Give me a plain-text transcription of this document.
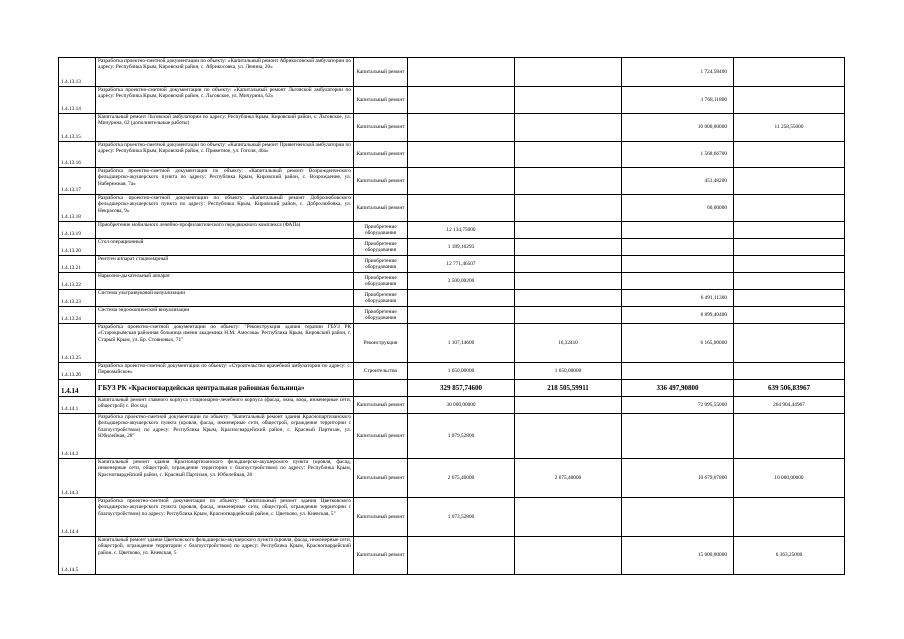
1.4.13.13	Разработка проектно-сметной документации по объекту: «Капитальный ремонт Абрикосовской амбулатории по адресу: Республика Крым, Кировский район, с. Абрикосовка, ул. Ленина, 20»	Капитальный ремонт			1 724,58400	
1.4.13.14	Разработка проектно-сметной документации по объекту: «Капитальный ремонт Льговской амбулатории по адресу: Республика Крым, Кировский район, с. Льговское, ул. Мичурина, 62»	Капитальный ремонт			1 768,11800	
1.4.13.15	Капитальный ремонт Льговской амбулатории по адресу: Республика Крым, Кировский район, с. Льговское, ул. Мичурина, 62 (дополнительные работы)	Капитальный ремонт			10 000,00000	11 258,55000
1.4.13.16	Разработка проектно-сметной документации по объекту: «Капитальный ремонт Приветненской амбулатории по адресу: Республика Крым, Кировский район, с. Приветное, ул. Гоголя, 40а»	Капитальный ремонт			1 568,66700	
1.4.13.17	Разработка проектно-сметной документации по объекту: «Капитальный ремонт Возрожденческого фельдшерско-акушерского пункта по адресу: Республика Крым, Кировский район, с. Возрождение, ул. Набережная, 7а»	Капитальный ремонт			451,48200	
1.4.13.18	Разработка проектно-сметной документации по объекту: «Капитальный ремонт Добролюбовского фельдшерско-акушерского пункта по адресу: Республика Крым, Кировский район, с. Добролюбовка, ул. Некрасова, 9»	Капитальный ремонт			60,00000	
1.4.13.19	Приобретение мобильного лечебно-профилактического передвижного комплекса (ФАПа)	Приобретение оборудования	12 134,75000			
1.4.13.20	Стол операционный	Приобретение оборудования	1 189,16293			
1.4.13.21	Рентген аппарат стационарный	Приобретение оборудования	12 771,46507			
1.4.13.22	Наркозно-дыхательный аппарат	Приобретение оборудования	3 500,00200			
1.4.13.23	Система ультразвуковой визуализации	Приобретение оборудования			6 491,11300	
1.4.13.24	Система эндоскопической визуализации	Приобретение оборудования			8 899,40400	
1.4.13.25	Разработка проектно-сметной документации по объекту: "Реконструкция здания терапии ГБУЗ РК «Старокрымская районная больница имени академика Н.М. Амосова» Республика Крым, Кировский район, г. Старый Крым, ул. Бр. Стояновых, 71"	Реконструкция	1 107,14600	16,32410	6 165,00000	
1.4.13.26	Разработка проектно-сметной документации по объекту: «Строительство врачебной амбулатории по адресу: с. Первомайское»	Строительство	1 650,00000	1 650,00000		
1.4.14	ГБУЗ РК «Красногвардейская центральная районная больница»		329 857,74600	218 505,59911	336 497,90800	639 506,83967
1.4.14.1	Капитальный ремонт главного корпуса стационарно-лечебного корпуса (фасад, окна, вход, инженерные сети, общестрой) с. Восход	Капитальный ремонт	30 000,00000		72 095,55000	264 904,44967
1.4.14.2	Разработка проектно-сметной документации по объекту: "Капитальный ремонт здания Краснопартизанского фельдшерско-акушерского пункта (кровля, фасад, инженерные сети, общестрой, ограждение территории с благоустройством) по адресу: Республика Крым, Красногвардейский район, с. Красный Партизан, ул. Юбилейная, 28"	Капитальный ремонт	1 079,52800			
1.4.14.3	Капитальный ремонт здания Краснопартизанского фельдшерско-акушерского пункта (кровля, фасад, инженерные сети, общестрой, ограждение территории с благоустройством) по адресу: Республика Крым, Красногвардейский район, с. Красный Партизан, ул. Юбилейная, 28	Капитальный ремонт	2 675,40000	2 675,40000	10 679,07800	10 000,00000
1.4.14.4	Разработка проектно-сметной документации по объекту: "Капитальный ремонт здания Цветковского фельдшерско-акушерского пункта (кровля, фасад, инженерные сети, общестрой, ограждение территории с благоустройством) по адресу: Республика Крым, Красногвардейский район, с. Цветково, ул. Киевская, 5"	Капитальный ремонт	1 073,52800			
1.4.14.5	Капитальный ремонт здания Цветковского фельдшерско-акушерского пункта (кровля, фасад, инженерные сети, общестрой, ограждение территории с благоустройством) по адресу: Республика Крым, Красногвардейский район, с. Цветково, ул. Киевская, 5	Капитальный ремонт			15 000,00000	6 363,25000
